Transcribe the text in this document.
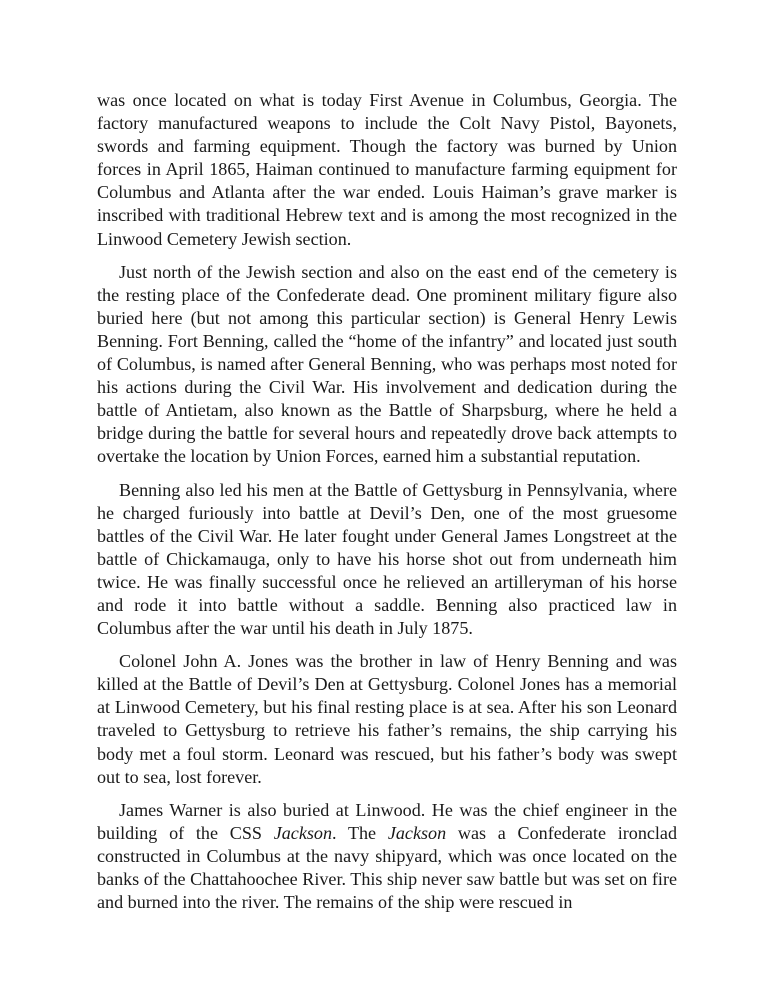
was once located on what is today First Avenue in Columbus, Georgia. The factory manufactured weapons to include the Colt Navy Pistol, Bayonets, swords and farming equipment. Though the factory was burned by Union forces in April 1865, Haiman continued to manufacture farming equipment for Columbus and Atlanta after the war ended. Louis Haiman’s grave marker is inscribed with traditional Hebrew text and is among the most recognized in the Linwood Cemetery Jewish section.

Just north of the Jewish section and also on the east end of the cemetery is the resting place of the Confederate dead. One prominent military figure also buried here (but not among this particular section) is General Henry Lewis Benning. Fort Benning, called the “home of the infantry” and located just south of Columbus, is named after General Benning, who was perhaps most noted for his actions during the Civil War. His involvement and dedication during the battle of Antietam, also known as the Battle of Sharpsburg, where he held a bridge during the battle for several hours and repeatedly drove back attempts to overtake the location by Union Forces, earned him a substantial reputation.

Benning also led his men at the Battle of Gettysburg in Pennsylvania, where he charged furiously into battle at Devil’s Den, one of the most gruesome battles of the Civil War. He later fought under General James Longstreet at the battle of Chickamauga, only to have his horse shot out from underneath him twice. He was finally successful once he relieved an artilleryman of his horse and rode it into battle without a saddle. Benning also practiced law in Columbus after the war until his death in July 1875.

Colonel John A. Jones was the brother in law of Henry Benning and was killed at the Battle of Devil’s Den at Gettysburg. Colonel Jones has a memorial at Linwood Cemetery, but his final resting place is at sea. After his son Leonard traveled to Gettysburg to retrieve his father’s remains, the ship carrying his body met a foul storm. Leonard was rescued, but his father’s body was swept out to sea, lost forever.

James Warner is also buried at Linwood. He was the chief engineer in the building of the CSS Jackson. The Jackson was a Confederate ironclad constructed in Columbus at the navy shipyard, which was once located on the banks of the Chattahoochee River. This ship never saw battle but was set on fire and burned into the river. The remains of the ship were rescued in
